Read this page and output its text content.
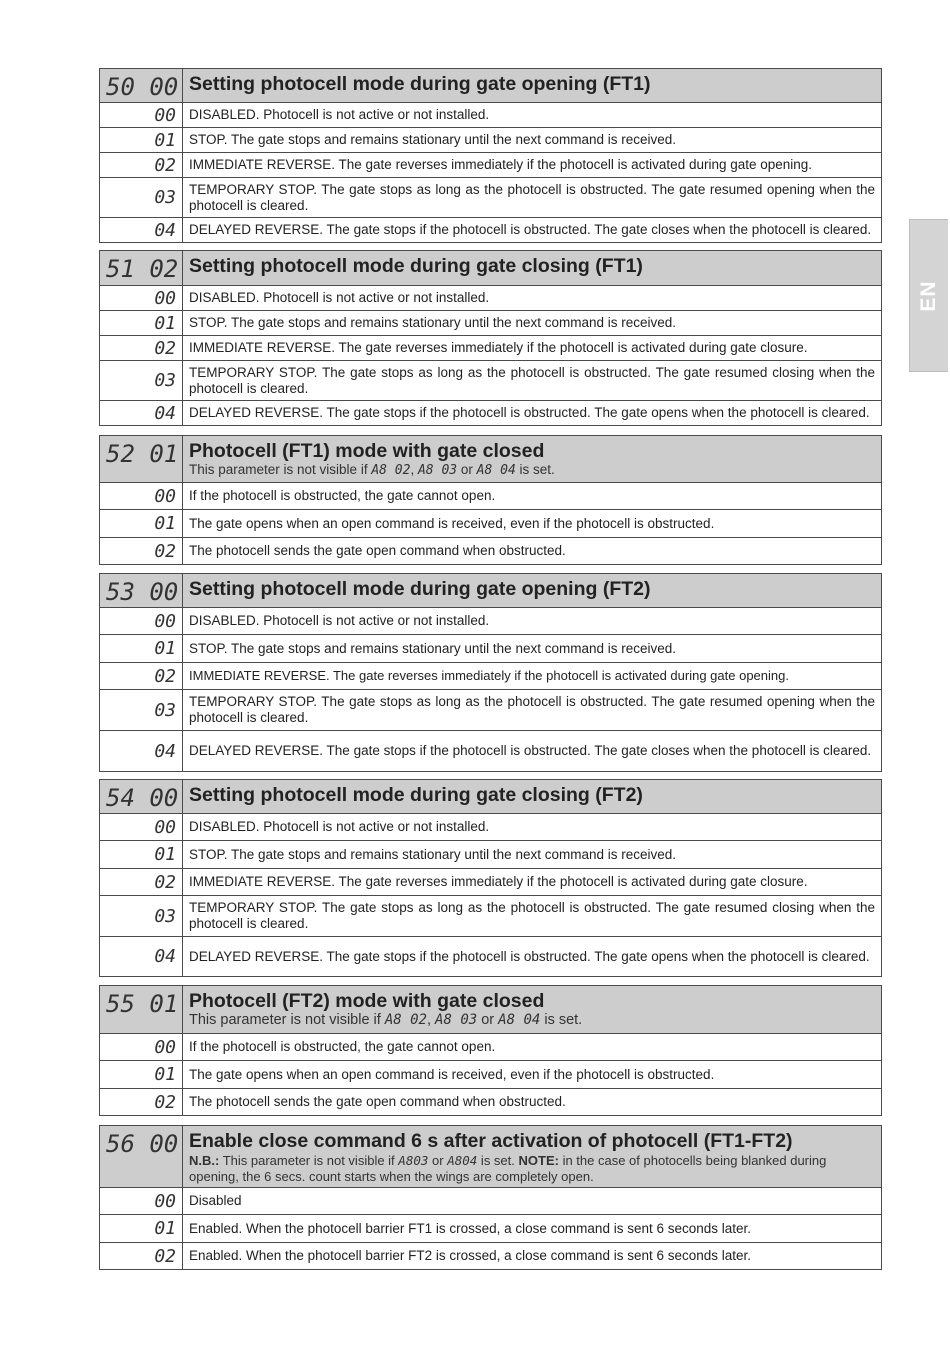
EN
50 00 Setting photocell mode during gate opening (FT1)
00 DISABLED. Photocell is not active or not installed.
01 STOP. The gate stops and remains stationary until the next command is received.
02 IMMEDIATE REVERSE. The gate reverses immediately if the photocell is activated during gate opening.
03 TEMPORARY STOP. The gate stops as long as the photocell is obstructed. The gate resumed opening when the photocell is cleared.
04 DELAYED REVERSE. The gate stops if the photocell is obstructed. The gate closes when the photocell is cleared.
51 02 Setting photocell mode during gate closing (FT1)
00 DISABLED. Photocell is not active or not installed.
01 STOP. The gate stops and remains stationary until the next command is received.
02 IMMEDIATE REVERSE. The gate reverses immediately if the photocell is activated during gate closure.
03 TEMPORARY STOP. The gate stops as long as the photocell is obstructed. The gate resumed closing when the photocell is cleared.
04 DELAYED REVERSE. The gate stops if the photocell is obstructed. The gate opens when the photocell is cleared.
52 01 Photocell (FT1) mode with gate closed
This parameter is not visible if A8 02, A8 03 or A8 04 is set.
00 If the photocell is obstructed, the gate cannot open.
01 The gate opens when an open command is received, even if the photocell is obstructed.
02 The photocell sends the gate open command when obstructed.
53 00 Setting photocell mode during gate opening (FT2)
00 DISABLED. Photocell is not active or not installed.
01 STOP. The gate stops and remains stationary until the next command is received.
02	IMMEDIATE REVERSE. The gate reverses immediately if the photocell is activated during gate opening.
03 TEMPORARY STOP. The gate stops as long as the photocell is obstructed. The gate resumed opening when the photocell is cleared.
04 DELAYED REVERSE. The gate stops if the photocell is obstructed. The gate closes when the photocell is cleared.
54 00 Setting photocell mode during gate closing (FT2)
00 DISABLED. Photocell is not active or not installed.
01 STOP. The gate stops and remains stationary until the next command is received.
02 IMMEDIATE REVERSE. The gate reverses immediately if the photocell is activated during gate closure.
03 TEMPORARY STOP. The gate stops as long as the photocell is obstructed. The gate resumed closing when the photocell is cleared.
04 DELAYED REVERSE. The gate stops if the photocell is obstructed. The gate opens when the photocell is cleared.
55 01 Photocell (FT2) mode with gate closed
This parameter is not visible if A8 02, A8 03 or A8 04 is set.
00 If the photocell is obstructed, the gate cannot open.
01 The gate opens when an open command is received, even if the photocell is obstructed.
02 The photocell sends the gate open command when obstructed.
56 00 Enable close command 6 s after activation of photocell (FT1-FT2)
N.B.: This parameter is not visible if A803 or A804 is set. NOTE: in the case of photocells being blanked during opening, the 6 secs. count starts when the wings are completely open.
00 Disabled
01 Enabled. When the photocell barrier FT1 is crossed, a close command is sent 6 seconds later.
02 Enabled. When the photocell barrier FT2 is crossed, a close command is sent 6 seconds later.
